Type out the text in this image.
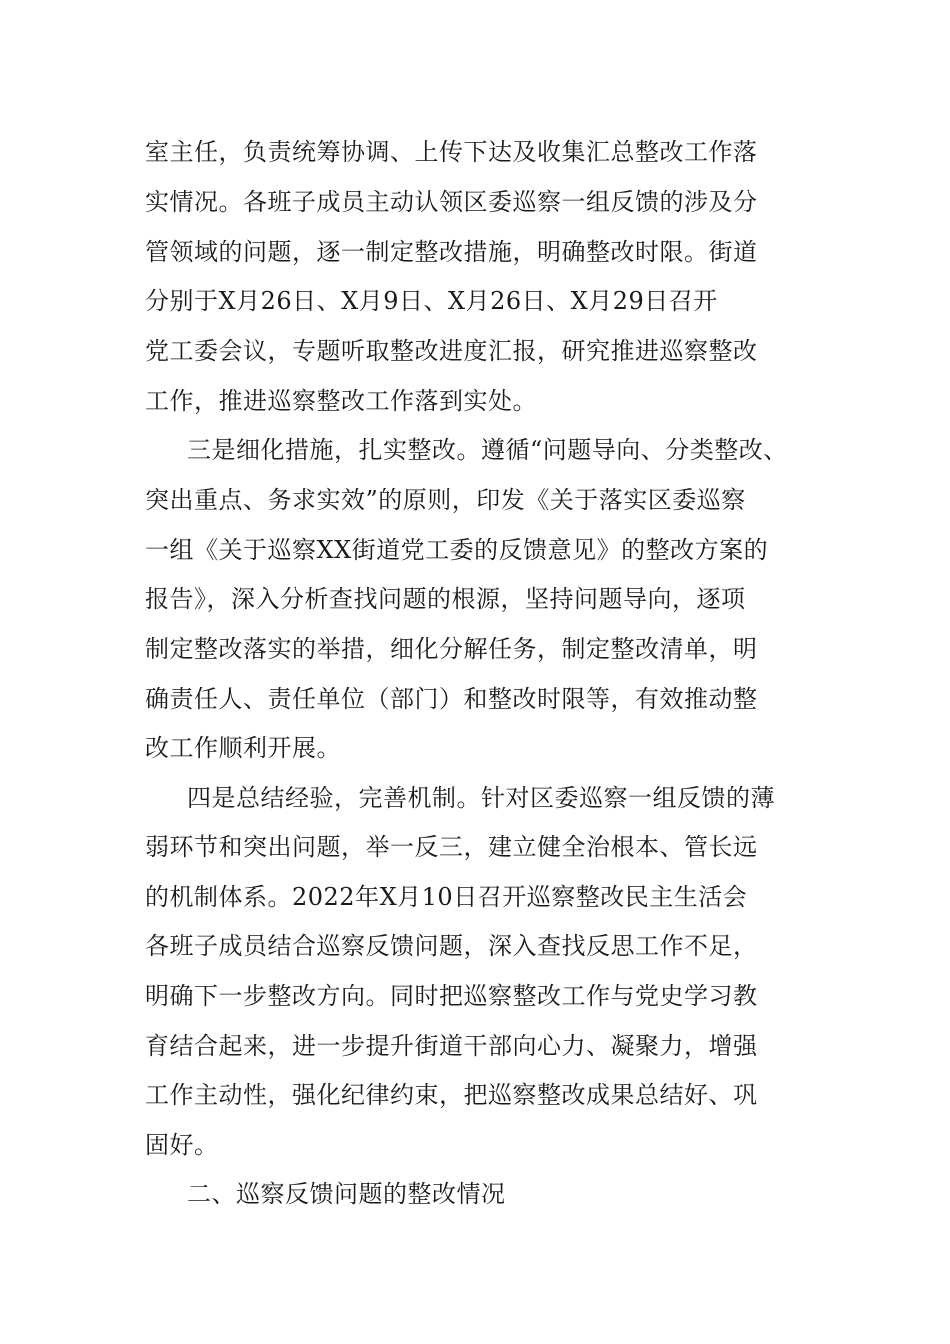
室主任，负责统筹协调、上传下达及收集汇总整改工作落
实情况。各班子成员主动认领区委巡察一组反馈的涉及分
管领域的问题，逐一制定整改措施，明确整改时限。街道
分别于X月26日、X月9日、X月26日、X月29日召开
党工委会议，专题听取整改进度汇报，研究推进巡察整改
工作，推进巡察整改工作落到实处。
三是细化措施，扎实整改。遵循“问题导向、分类整改、
突出重点、务求实效”的原则，印发《关于落实区委巡察
一组《关于巡察XX街道党工委的反馈意见》的整改方案的
报告》，深入分析查找问题的根源，坚持问题导向，逐项
制定整改落实的举措，细化分解任务，制定整改清单，明
确责任人、责任单位（部门）和整改时限等，有效推动整
改工作顺利开展。
四是总结经验，完善机制。针对区委巡察一组反馈的薄
弱环节和突出问题，举一反三，建立健全治根本、管长远
的机制体系。2022年X月10日召开巡察整改民主生活会
各班子成员结合巡察反馈问题，深入查找反思工作不足，
明确下一步整改方向。同时把巡察整改工作与党史学习教
育结合起来，进一步提升街道干部向心力、凝聚力，增强
工作主动性，强化纪律约束，把巡察整改成果总结好、巩
固好。
二、巡察反馈问题的整改情况
